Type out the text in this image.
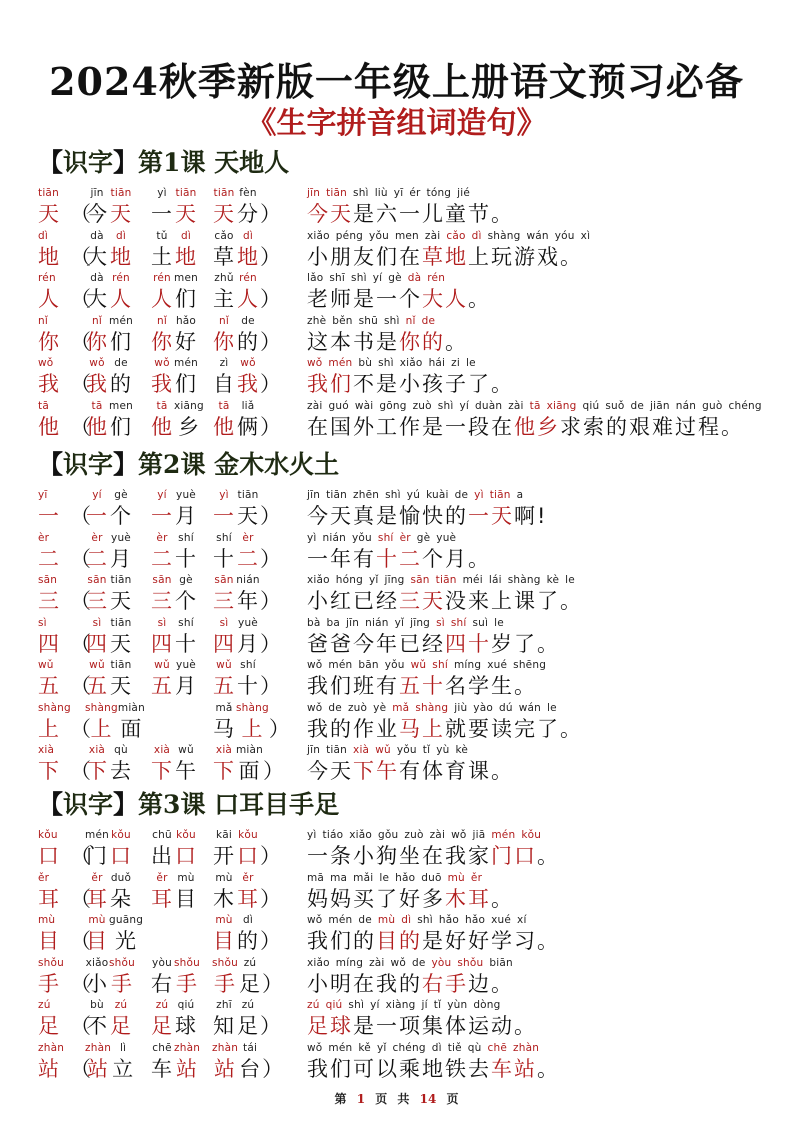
2024秋季新版一年级上册语文预习必备
《生字拼音组词造句》
【识字】第1课 天地人
tiān
天 （
jīn
今
tiān
天
yì
一
tiān
天
tiān
天
fèn
分 ）
jīn tiān shì liù yī ér tóng jié
今天是六一儿童节。
dì
地 （
dà
大
dì
地
tǔ
土
dì
地
cǎo
草
dì
地 ）
xiǎo péng yǒu men zài cǎo dì shàng wán yóu xì
小朋友们在草地上玩游戏。
rén
人 （
dà
大
rén
人
rén
人
men
们
zhǔ
主
rén
人 ）
lǎo shī shì yí gè dà rén
老师是一个大人。
nǐ
你 （
nǐ
你
mén
们
nǐ
你
hǎo
好
nǐ
你
de
的 ）
zhè běn shū shì nǐ de
这本书是你的。
wǒ
我 （
wǒ
我
de
的
wǒ
我
mén
们
zì
自
wǒ
我 ）
wǒ mén bù shì xiǎo hái zi le
我们不是小孩子了。
tā
他 （
tā
他
men
们
tā
他
xiāng
乡
tā
他
liǎ
俩 ）
zài guó wài gōng zuò shì yí duàn zài tā xiāng qiú suǒ de jiān nán guò chéng
在国外工作是一段在他乡求索的艰难过程。
【识字】第2课 金木水火土
yī
一 （
yí
一
gè
个
yí
一
yuè
月
yì
一
tiān
天 ）
jīn tiān zhēn shì yú kuài de yì tiān a
今天真是愉快的一天啊!
èr
二 （
èr
二
yuè
月
èr
二
shí
十
shí
十
èr
二 ）
yì nián yǒu shí èr gè yuè
一年有十二个月。
sān
三 （
sān
三
tiān
天
sān
三
gè
个
sān
三
nián
年 ）
xiǎo hóng yǐ jīng sān tiān méi lái shàng kè le
小红已经三天没来上课了。
sì
四 （
sì
四
tiān
天
sì
四
shí
十
sì
四
yuè
月 ）
bà ba jīn nián yǐ jīng sì shí suì le
爸爸今年已经四十岁了。
wǔ
五 （
wǔ
五
tiān
天
wǔ
五
yuè
月
wǔ
五
shí
十 ）
wǒ mén bān yǒu wǔ shí míng xué shēng
我们班有五十名学生。
shàng
上 （
shàng
上
miàn
面
mǎ
马
shàng
上 ）
wǒ de zuò yè mǎ shàng jiù yào dú wán le
我的作业马上就要读完了。
xià
下 （
xià
下
qù
去
xià
下
wǔ
午
xià
下
miàn
面 ）
jīn tiān xià wǔ yǒu tǐ yù kè
今天下午有体育课。
【识字】第3课 口耳目手足
kǒu
口 （
mén
门
kǒu
口
chū
出
kǒu
口
kāi
开
kǒu
口 ）
yì tiáo xiǎo gǒu zuò zài wǒ jiā mén kǒu
一条小狗坐在我家门口。
ěr
耳 （
ěr
耳
duǒ
朵
ěr
耳
mù
目
mù
木
ěr
耳 ）
mā ma mǎi le hǎo duō mù ěr
妈妈买了好多木耳。
mù
目 （
mù
目
guāng
光
mù
目
dì
的 ）
wǒ mén de mù dì shì hǎo hǎo xué xí
我们的目的是好好学习。
shǒu
手 （
xiǎo
小
shǒu
手
yòu
右
shǒu
手
shǒu
手
zú
足 ）
xiǎo míng zài wǒ de yòu shǒu biān
小明在我的右手边。
zú
足 （
bù
不
zú
足
zú
足
qiú
球
zhī
知
zú
足 ）
zú qiú shì yí xiàng jí tǐ yùn dòng
足球是一项集体运动。
zhàn
站 （
zhàn
站
lì
立
chē
车
zhàn
站
zhàn
站
tái
台 ）
wǒ mén kě yǐ chéng dì tiě qù chē zhàn
我们可以乘地铁去车站。
第 1 页 共 14 页
